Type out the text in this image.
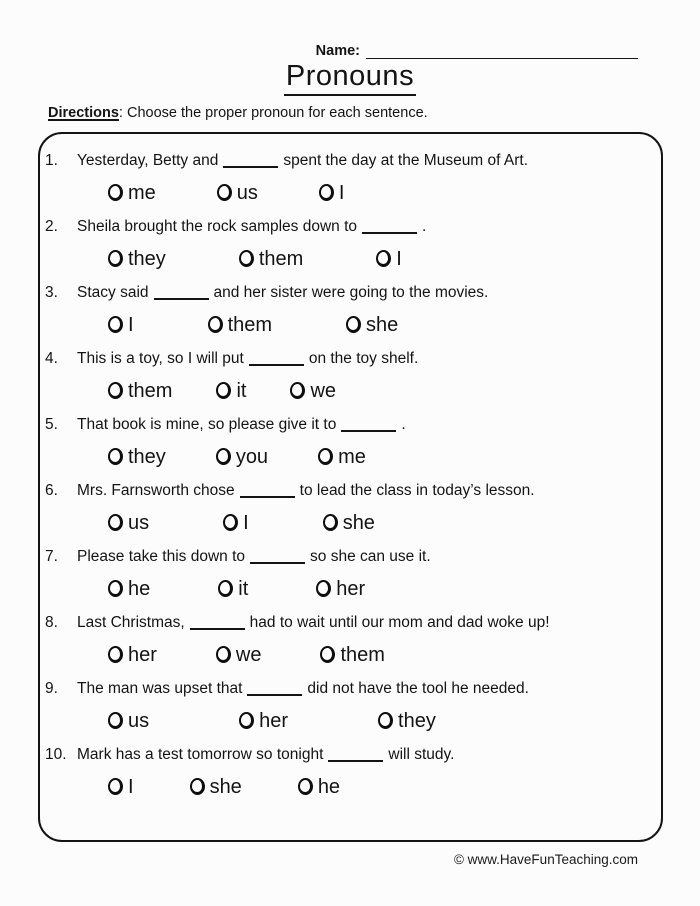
Name:
Pronouns
Directions: Choose the proper pronoun for each sentence.
1. Yesterday, Betty and	spent the day at the Museum of Art.
me	us	I
2. Sheila brought the rock samples down to	.
they	them	I
3. Stacy said	and her sister were going to the movies.
I	them	she
4. This is a toy, so I will put	on the toy shelf.
them	it	we
5. That book is mine, so please give it to	.
they	you	me
6. Mrs. Farnsworth chose	to lead the class in today’s lesson.
us	I	she
7. Please take this down to	so she can use it.
he	it	her
8. Last Christmas,	had to wait until our mom and dad woke up!
her	we	them
9. The man was upset that	did not have the tool he needed.
us	her	they
10. Mark has a test tomorrow so tonight	will study.
I	she	he
© www.HaveFunTeaching.com
